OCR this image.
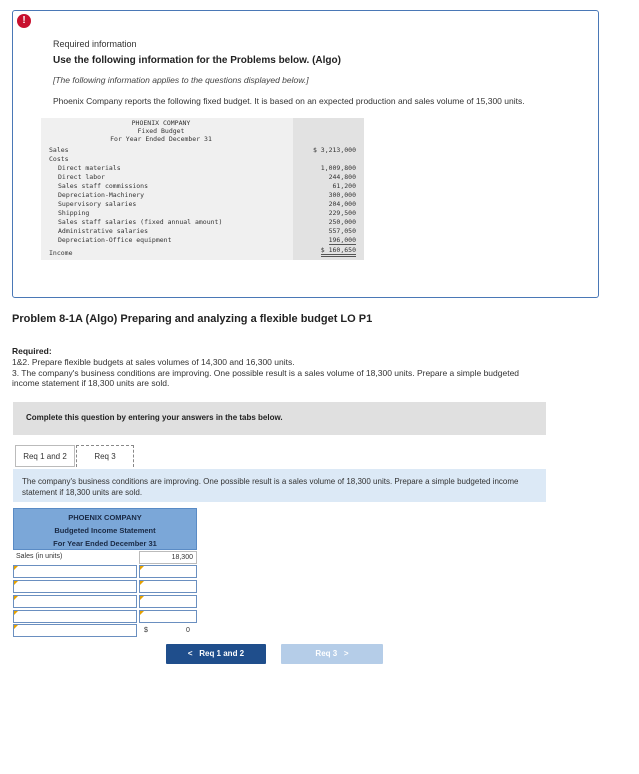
!
Required information
Use the following information for the Problems below. (Algo)
[The following information applies to the questions displayed below.]
Phoenix Company reports the following fixed budget. It is based on an expected production and sales volume of 15,300 units.
PHOENIX COMPANY
Fixed Budget
For Year Ended December 31
Sales	$ 3,213,000
Costs
Direct materials	1,009,800
Direct labor	244,800
Sales staff commissions	61,200
Depreciation-Machinery	300,000
Supervisory salaries	204,000
Shipping	229,500
Sales staff salaries (fixed annual amount)	250,000
Administrative salaries	557,050
Depreciation-Office equipment	196,000
Income	$ 160,650
Problem 8-1A (Algo) Preparing and analyzing a flexible budget LO P1
Required:
1&2. Prepare flexible budgets at sales volumes of 14,300 and 16,300 units.
3. The company's business conditions are improving. One possible result is a sales volume of 18,300 units. Prepare a simple budgeted
income statement if 18,300 units are sold.
Complete this question by entering your answers in the tabs below.
Req 1 and 2	Req 3
The company's business conditions are improving. One possible result is a sales volume of 18,300 units. Prepare a simple budgeted income statement if 18,300 units are sold.
PHOENIX COMPANY
Budgeted Income Statement
For Year Ended December 31
Sales (in units)	18,300
$	0
< Req 1 and 2	Req 3 >
